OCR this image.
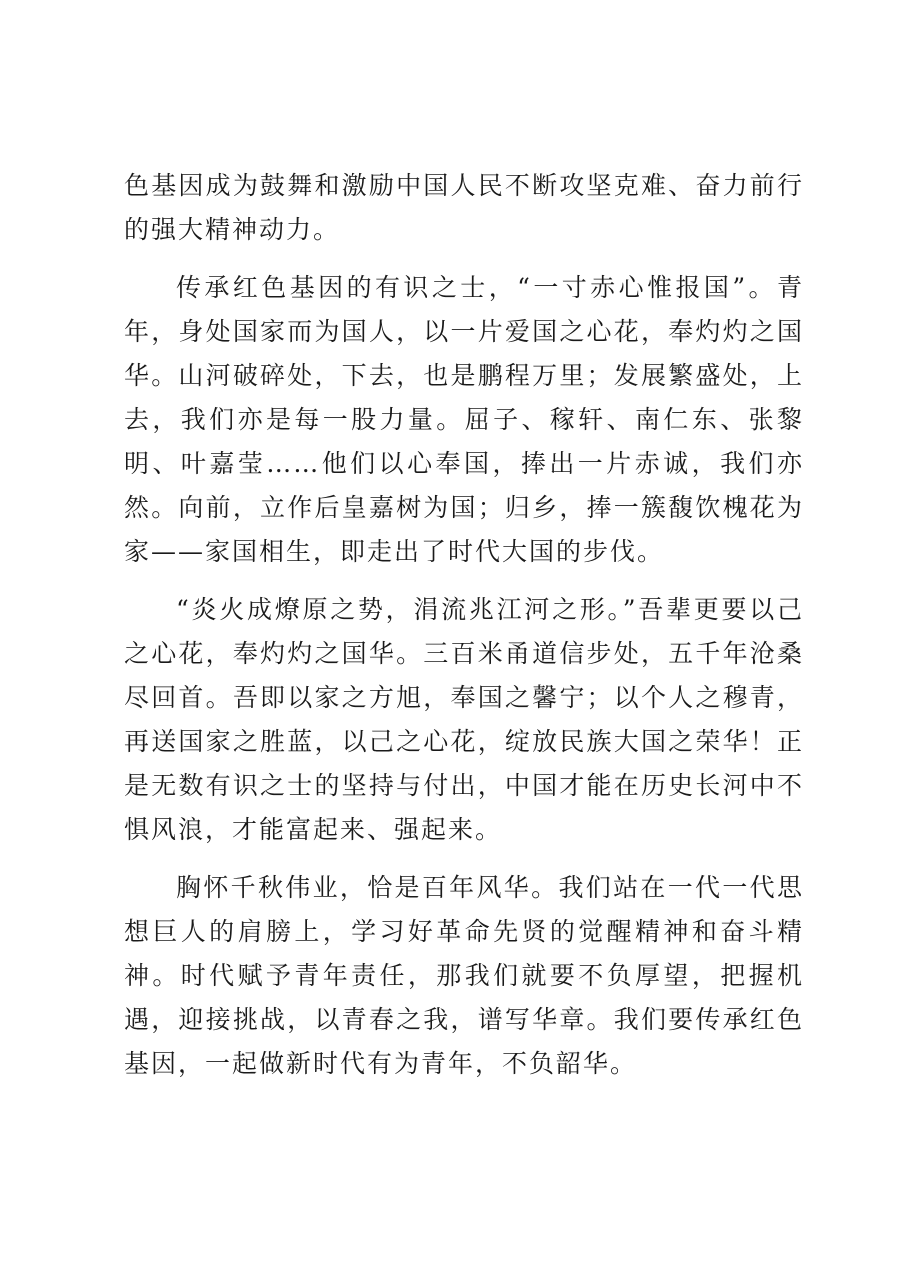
色基因成为鼓舞和激励中国人民不断攻坚克难、奋力前行的强大精神动力。

传承红色基因的有识之士，“一寸赤心惟报国”。青年，身处国家而为国人，以一片爱国之心花，奉灼灼之国华。山河破碎处，下去，也是鹏程万里；发展繁盛处，上去，我们亦是每一股力量。屈子、稼轩、南仁东、张黎明、叶嘉莹……他们以心奉国，捧出一片赤诚，我们亦然。向前，立作后皇嘉树为国；归乡，捧一簇馥饮槐花为家——家国相生，即走出了时代大国的步伐。

“炎火成燎原之势，涓流兆江河之形。”吾辈更要以己之心花，奉灼灼之国华。三百米甬道信步处，五千年沧桑尽回首。吾即以家之方旭，奉国之馨宁；以个人之穆青，再送国家之胜蓝，以己之心花，绽放民族大国之荣华！正是无数有识之士的坚持与付出，中国才能在历史长河中不惧风浪，才能富起来、强起来。

胸怀千秋伟业，恰是百年风华。我们站在一代一代思想巨人的肩膀上，学习好革命先贤的觉醒精神和奋斗精神。时代赋予青年责任，那我们就要不负厚望，把握机遇，迎接挑战，以青春之我，谱写华章。我们要传承红色基因，一起做新时代有为青年，不负韶华。
